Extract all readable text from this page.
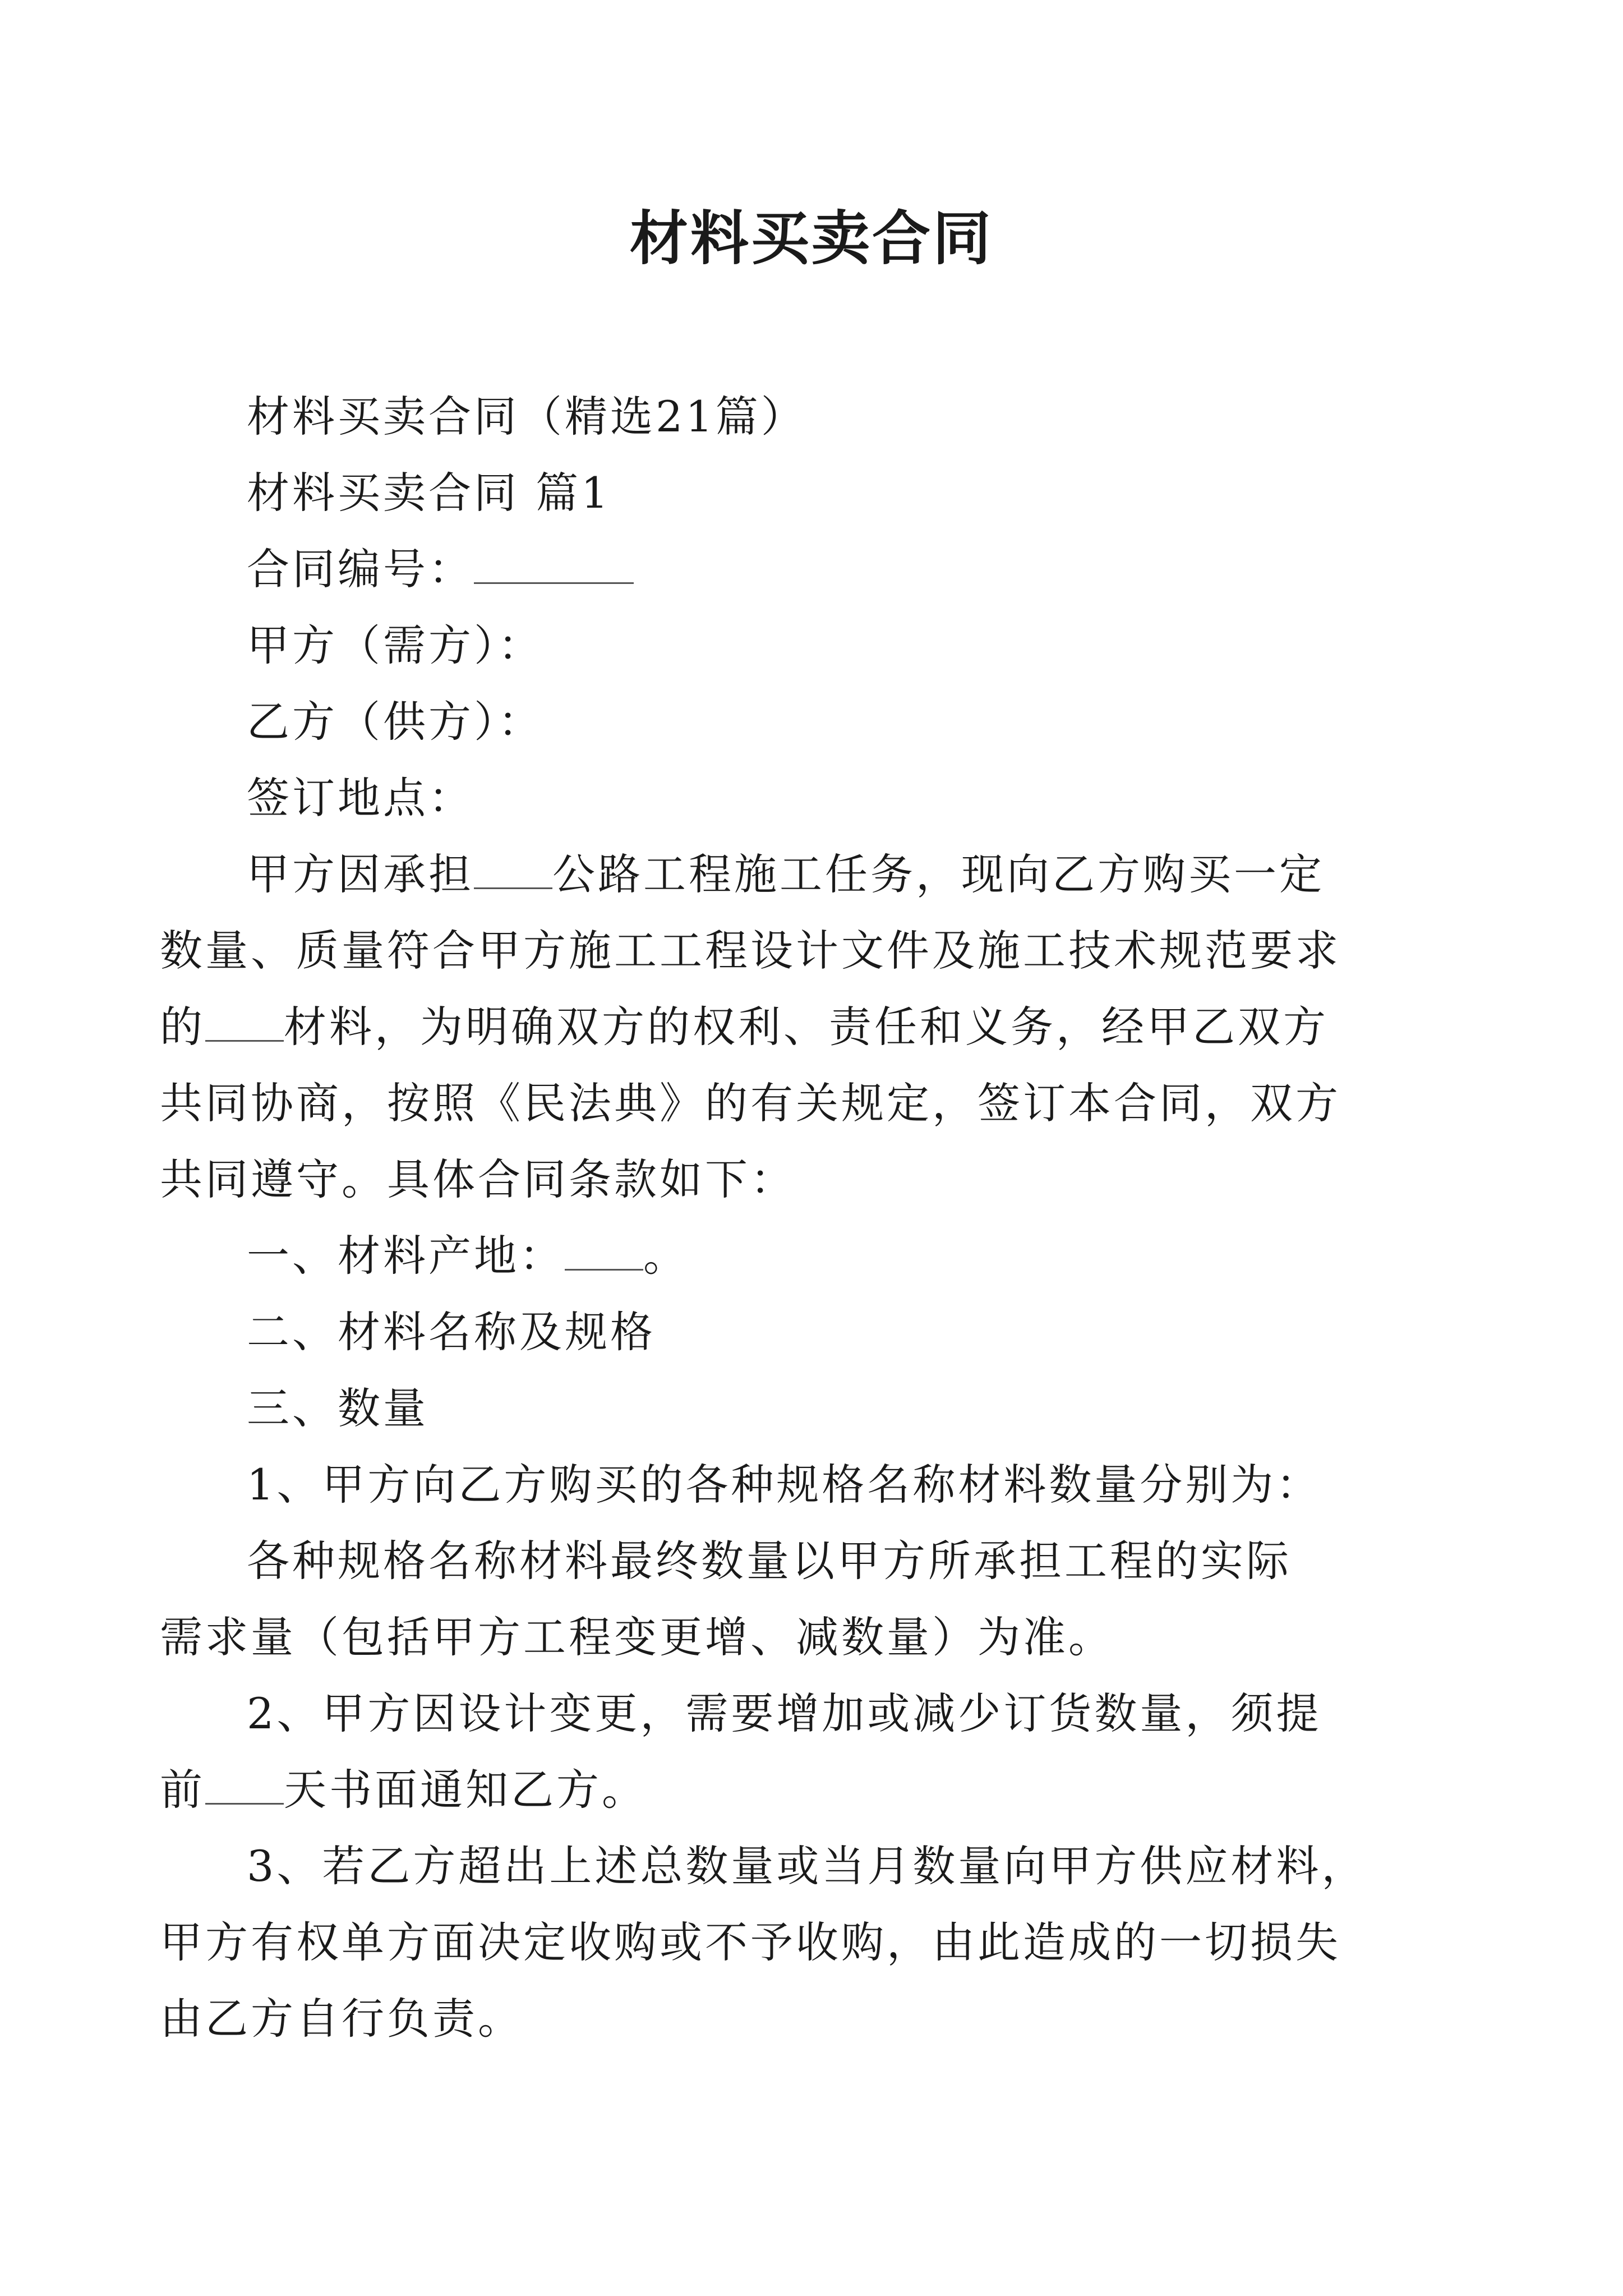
材料买卖合同

材料买卖合同（精选21篇）

材料买卖合同 篇1

合同编号：

甲方（需方）：

乙方（供方）：

签订地点：

甲方因承担 公路工程施工任务，现向乙方购买一定

数量、质量符合甲方施工工程设计文件及施工技术规范要求

的 材料，为明确双方的权利、责任和义务，经甲乙双方

共同协商，按照《民法典》的有关规定，签订本合同，双方

共同遵守。具体合同条款如下：

一、材料产地： 。

二、材料名称及规格

三、数量

1、甲方向乙方购买的各种规格名称材料数量分别为：

各种规格名称材料最终数量以甲方所承担工程的实际

需求量（包括甲方工程变更增、减数量）为准。

2、甲方因设计变更，需要增加或减少订货数量，须提

前 天书面通知乙方。

3、若乙方超出上述总数量或当月数量向甲方供应材料，

甲方有权单方面决定收购或不予收购，由此造成的一切损失

由乙方自行负责。
